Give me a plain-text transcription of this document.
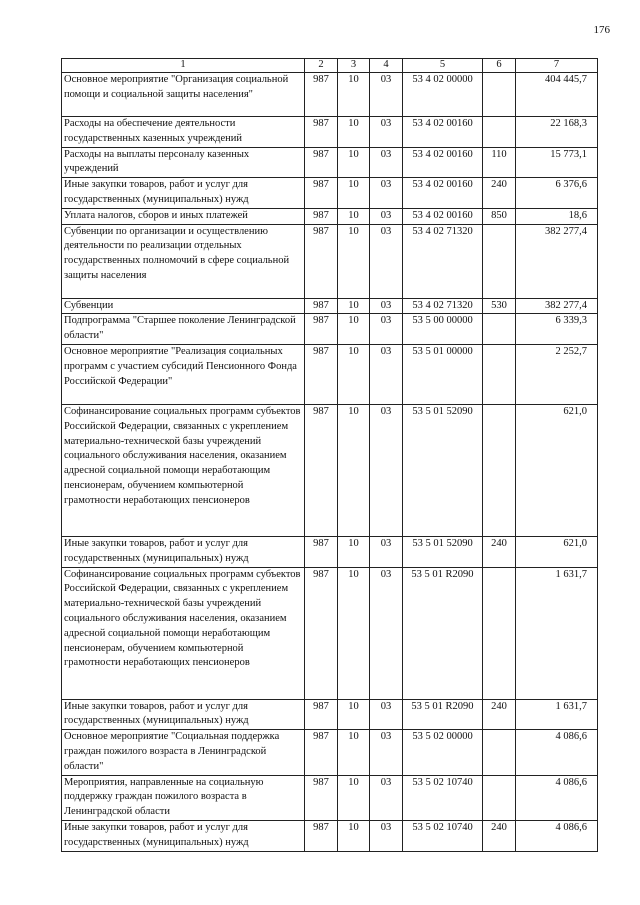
176
1	2	3	4	5	6	7
Основное мероприятие "Организация социальной помощи и социальной защиты населения"	987	10	03	53 4 02 00000		404 445,7
Расходы на обеспечение деятельности государственных казенных учреждений	987	10	03	53 4 02 00160		22 168,3
Расходы на выплаты персоналу казенных учреждений	987	10	03	53 4 02 00160	110	15 773,1
Иные закупки товаров, работ и услуг для государственных (муниципальных) нужд	987	10	03	53 4 02 00160	240	6 376,6
Уплата налогов, сборов и иных платежей	987	10	03	53 4 02 00160	850	18,6
Субвенции по организации и осуществлению деятельности по реализации отдельных государственных полномочий в сфере социальной защиты населения	987	10	03	53 4 02 71320		382 277,4
Субвенции	987	10	03	53 4 02 71320	530	382 277,4
Подпрограмма "Старшее поколение Ленинградской области"	987	10	03	53 5 00 00000		6 339,3
Основное мероприятие "Реализация социальных программ с участием субсидий Пенсионного Фонда Российской Федерации"	987	10	03	53 5 01 00000		2 252,7
Софинансирование социальных программ субъектов Российской Федерации, связанных с укреплением материально-технической базы учреждений социального обслуживания населения, оказанием адресной социальной помощи неработающим пенсионерам, обучением компьютерной грамотности неработающих пенсионеров	987	10	03	53 5 01 52090		621,0
Иные закупки товаров, работ и услуг для государственных (муниципальных) нужд	987	10	03	53 5 01 52090	240	621,0
Софинансирование социальных программ субъектов Российской Федерации, связанных с укреплением материально-технической базы учреждений социального обслуживания населения, оказанием адресной социальной помощи неработающим пенсионерам, обучением компьютерной грамотности неработающих пенсионеров	987	10	03	53 5 01 R2090		1 631,7
Иные закупки товаров, работ и услуг для государственных (муниципальных) нужд	987	10	03	53 5 01 R2090	240	1 631,7
Основное мероприятие "Социальная поддержка граждан пожилого возраста в Ленинградской области"	987	10	03	53 5 02 00000		4 086,6
Мероприятия, направленные на социальную поддержку граждан пожилого возраста в Ленинградской области	987	10	03	53 5 02 10740		4 086,6
Иные закупки товаров, работ и услуг для государственных (муниципальных) нужд	987	10	03	53 5 02 10740	240	4 086,6
